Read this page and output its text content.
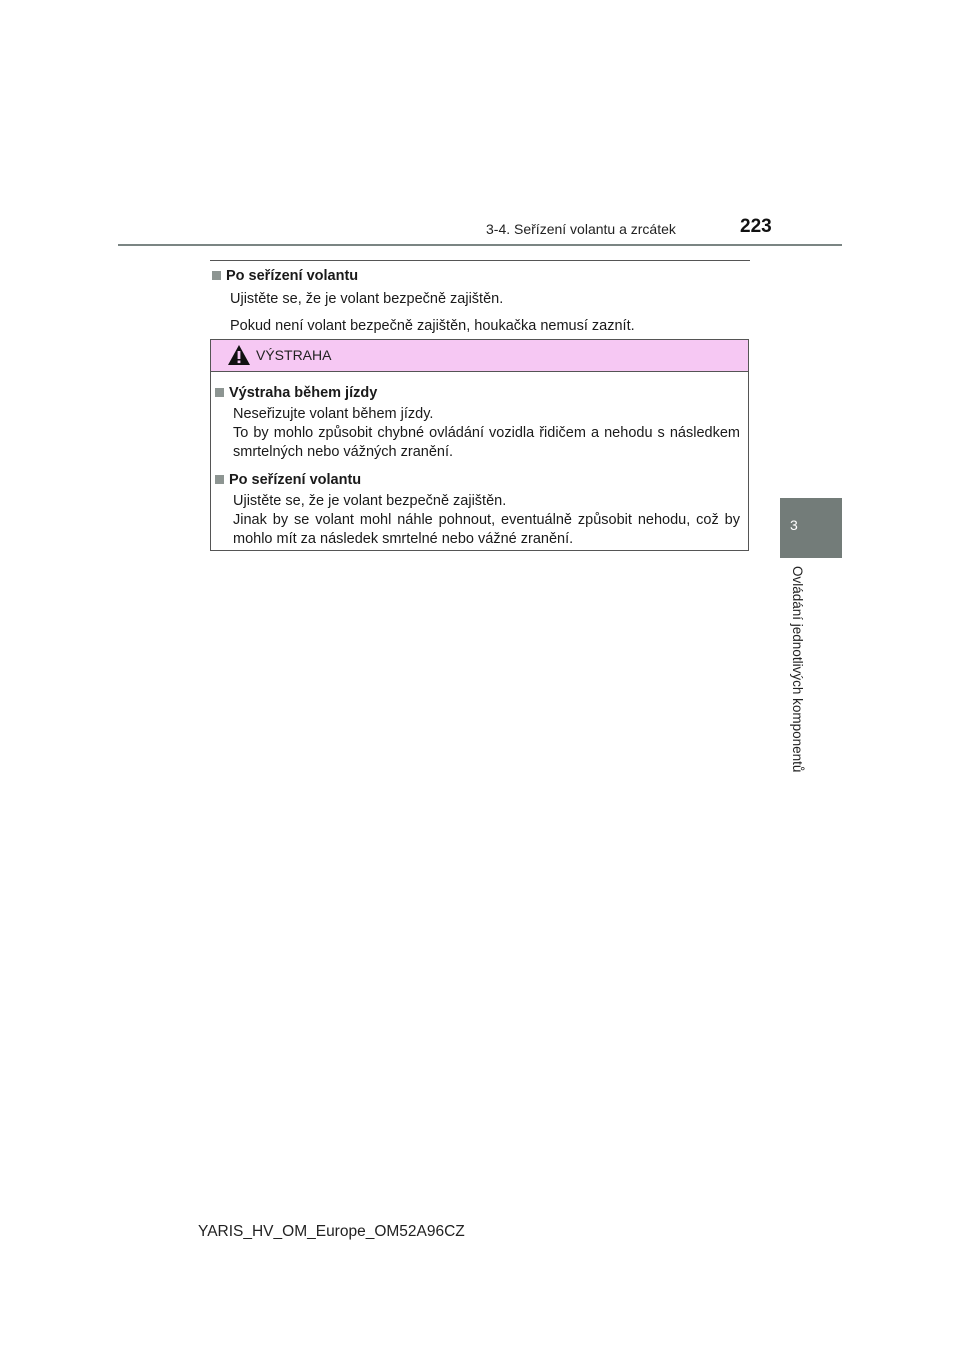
3-4. Seřízení volantu a zrcátek	223
3
Ovládání jednotlivých komponentů
Po seřízení volantu
Ujistěte se, že je volant bezpečně zajištěn.
Pokud není volant bezpečně zajištěn, houkačka nemusí zaznít.
VÝSTRAHA
Výstraha během jízdy
Neseřizujte volant během jízdy.
To by mohlo způsobit chybné ovládání vozidla řidičem a nehodu s následkem smrtelných nebo vážných zranění.
Po seřízení volantu
Ujistěte se, že je volant bezpečně zajištěn.
Jinak by se volant mohl náhle pohnout, eventuálně způsobit nehodu, což by mohlo mít za následek smrtelné nebo vážné zranění.
YARIS_HV_OM_Europe_OM52A96CZ
